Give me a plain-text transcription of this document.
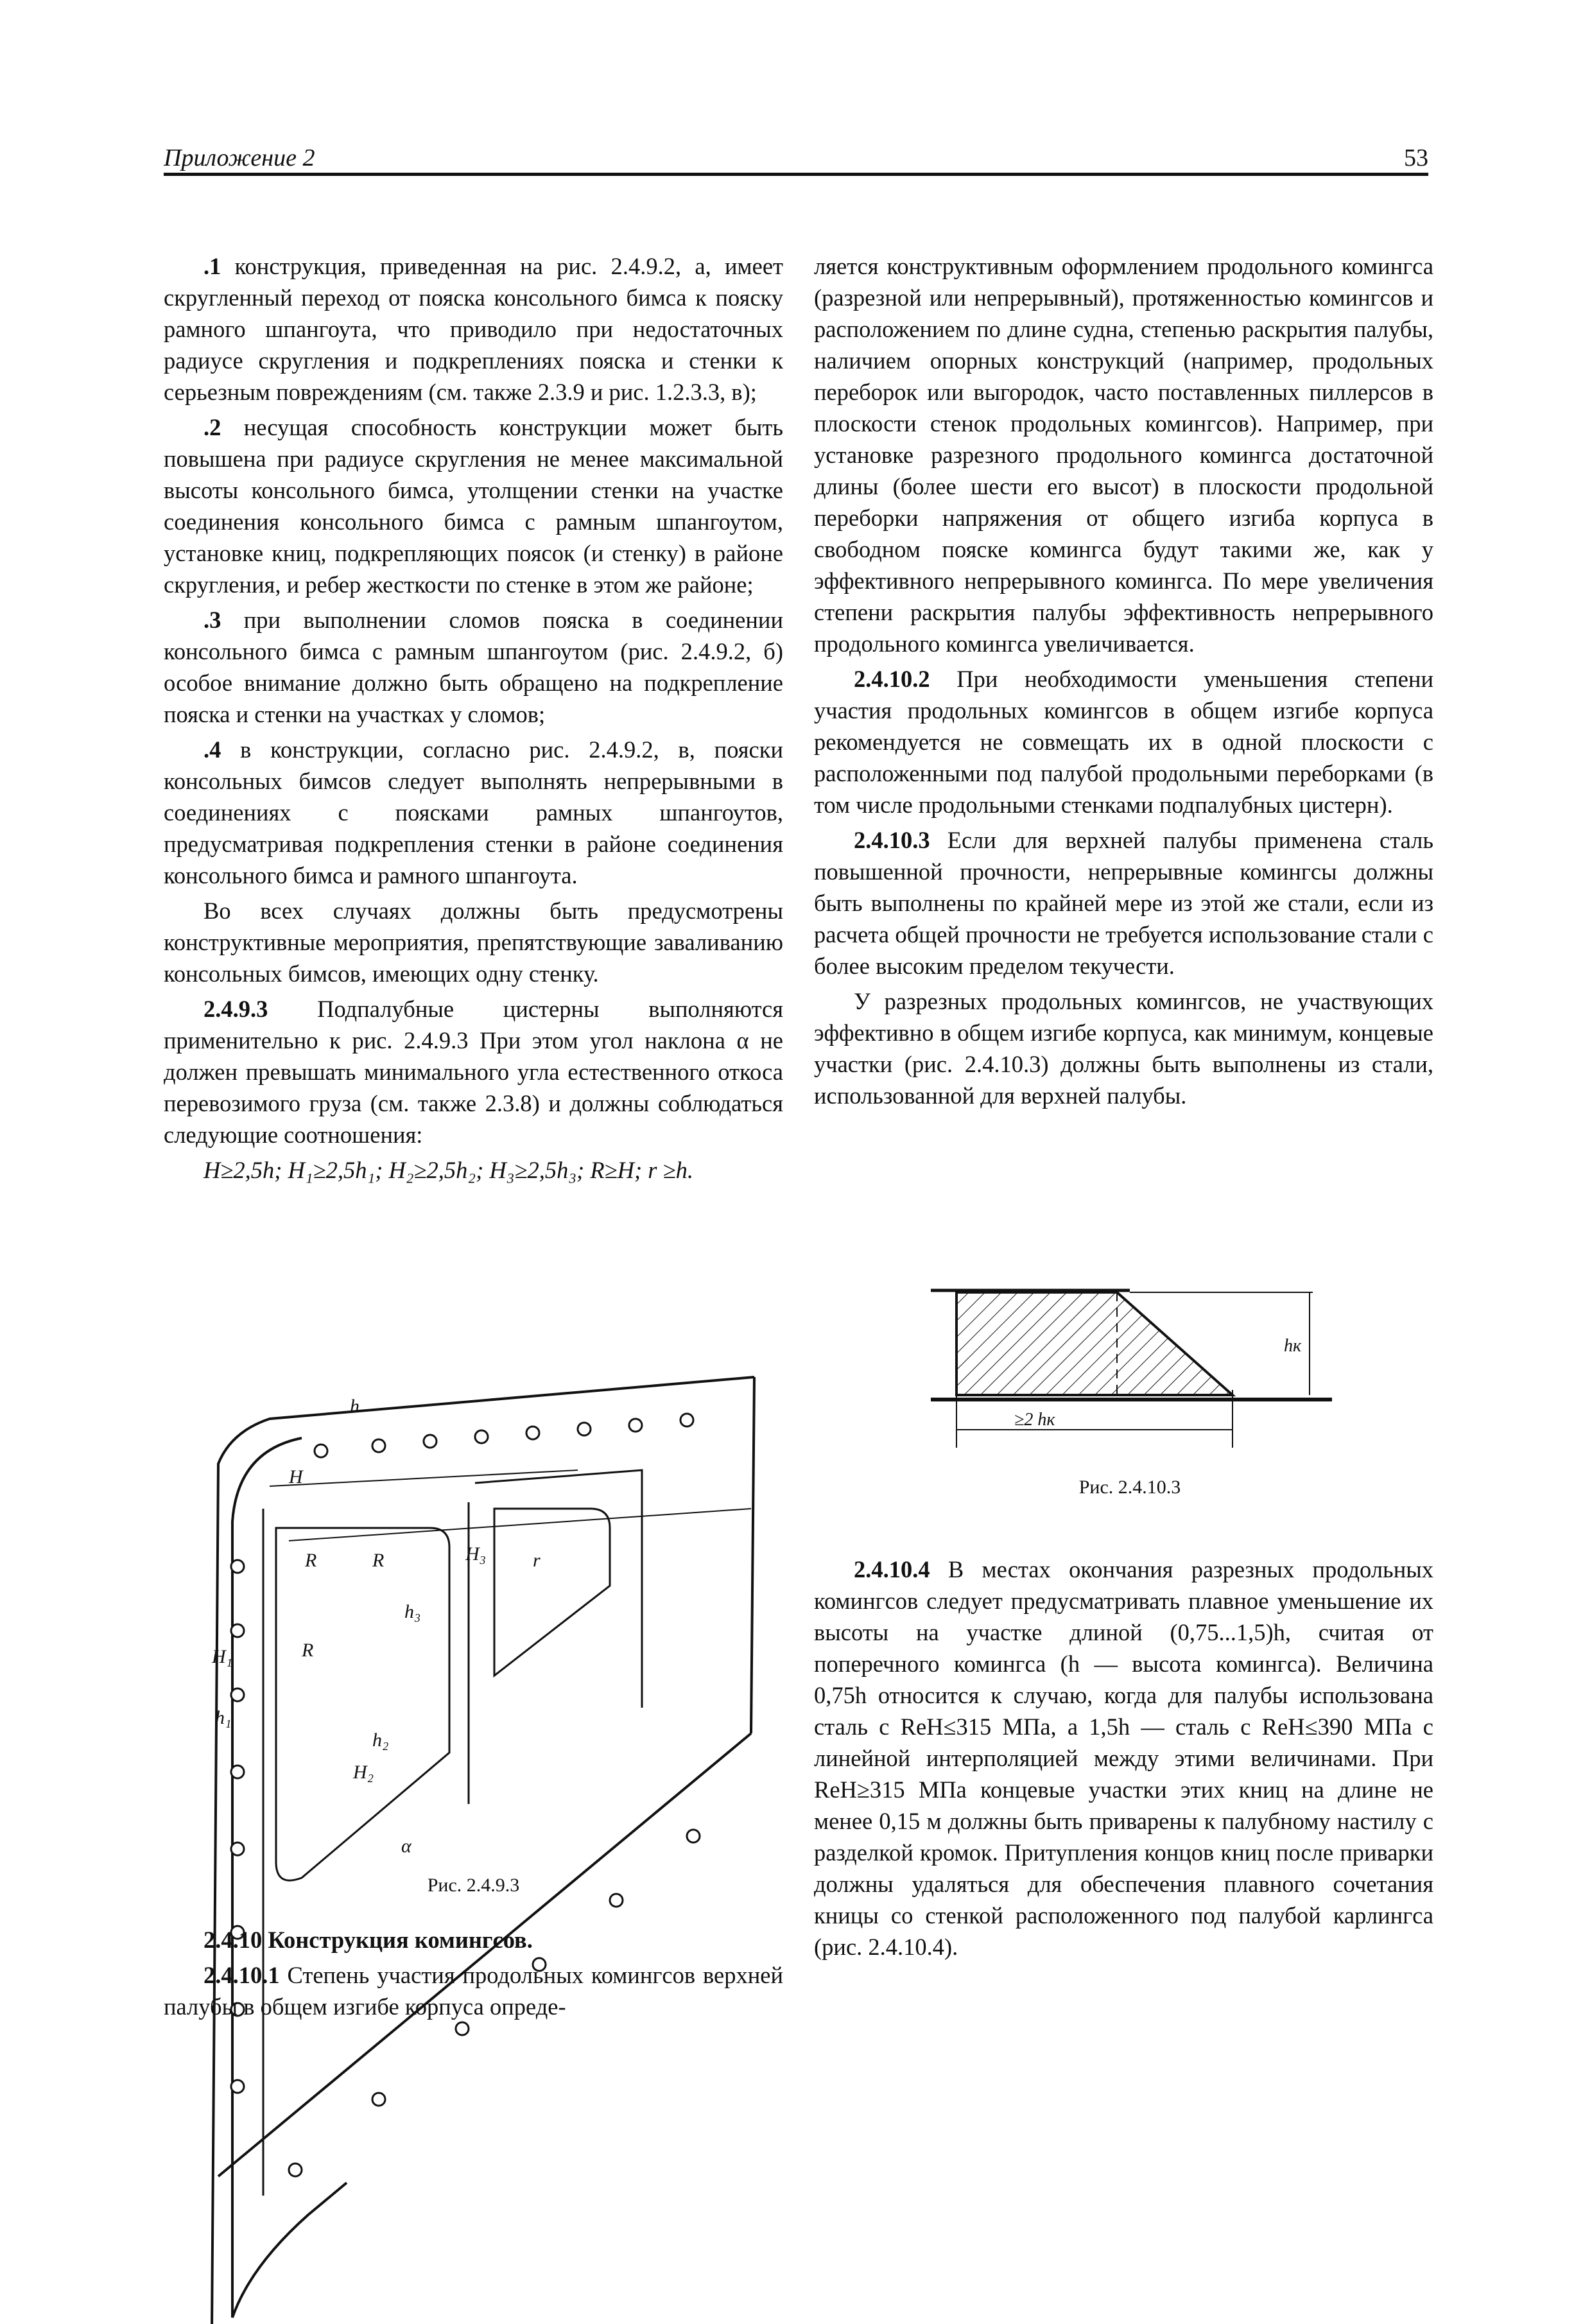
Приложение 2	53

.1 конструкция, приведенная на рис. 2.4.9.2, а, имеет скругленный переход от пояска консольного бимса к пояску рамного шпангоута, что приводило при недостаточных радиусе скругления и подкреплениях пояска и стенки к серьезным повреждениям (см. также 2.3.9 и рис. 1.2.3.3, в);

.2 несущая способность конструкции может быть повышена при радиусе скругления не менее максимальной высоты консольного бимса, утолщении стенки на участке соединения консольного бимса с рамным шпангоутом, установке книц, подкрепляющих поясок (и стенку) в районе скругления, и ребер жесткости по стенке в этом же районе;

.3 при выполнении сломов пояска в соединении консольного бимса с рамным шпангоутом (рис. 2.4.9.2, б) особое внимание должно быть обращено на подкрепление пояска и стенки на участках у сломов;

.4 в конструкции, согласно рис. 2.4.9.2, в, пояски консольных бимсов следует выполнять непрерывными в соединениях с поясками рамных шпангоутов, предусматривая подкрепления стенки в районе соединения консольного бимса и рамного шпангоута.

Во всех случаях должны быть предусмотрены конструктивные мероприятия, препятствующие заваливанию консольных бимсов, имеющих одну стенку.

2.4.9.3 Подпалубные цистерны выполняются применительно к рис. 2.4.9.3 При этом угол наклона α не должен превышать минимального угла естественного откоса перевозимого груза (см. также 2.3.8) и должны соблюдаться следующие соотношения:

H≥2,5h; H₁≥2,5h₁; H₂≥2,5h₂; H₃≥2,5h₃; R≥H; r ≥h.

h
H
R	R	H₃ r
h₃
H₁	R
h₁
H₂
h₂
α
Рис. 2.4.9.3

2.4.10 Конструкция комингсов.

2.4.10.1 Степень участия продольных комингсов верхней палубы в общем изгибе корпуса опреде-

ляется конструктивным оформлением продольного комингса (разрезной или непрерывный), протяженностью комингсов и расположением по длине судна, степенью раскрытия палубы, наличием опорных конструкций (например, продольных переборок или выгородок, часто поставленных пиллерсов в плоскости стенок продольных комингсов). Например, при установке разрезного продольного комингса достаточной длины (более шести его высот) в плоскости продольной переборки напряжения от общего изгиба корпуса в свободном пояске комингса будут такими же, как у эффективного непрерывного комингса. По мере увеличения степени раскрытия палубы эффективность непрерывного продольного комингса увеличивается.

2.4.10.2 При необходимости уменьшения степени участия продольных комингсов в общем изгибе корпуса рекомендуется не совмещать их в одной плоскости с расположенными под палубой продольными переборками (в том числе продольными стенками подпалубных цистерн).

2.4.10.3 Если для верхней палубы применена сталь повышенной прочности, непрерывные комингсы должны быть выполнены по крайней мере из этой же стали, если из расчета общей прочности не требуется использование стали с более высоким пределом текучести.

У разрезных продольных комингсов, не участвующих эффективно в общем изгибе корпуса, как минимум, концевые участки (рис. 2.4.10.3) должны быть выполнены из стали, использованной для верхней палубы.

≥2 hк
hк
Рис. 2.4.10.3

2.4.10.4 В местах окончания разрезных продольных комингсов следует предусматривать плавное уменьшение их высоты на участке длиной (0,75...1,5)h, считая от поперечного комингса (h — высота комингса). Величина 0,75h относится к случаю, когда для палубы использована сталь с ReH≤315 МПа, а 1,5h — сталь с ReH≤390 МПа с линейной интерполяцией между этими величинами. При ReH≥315 МПа концевые участки этих книц на длине не менее 0,15 м должны быть приварены к палубному настилу с разделкой кромок. Притупления концов книц после приварки должны удаляться для обеспечения плавного сочетания кницы со стенкой расположенного под палубой карлингса (рис. 2.4.10.4).
